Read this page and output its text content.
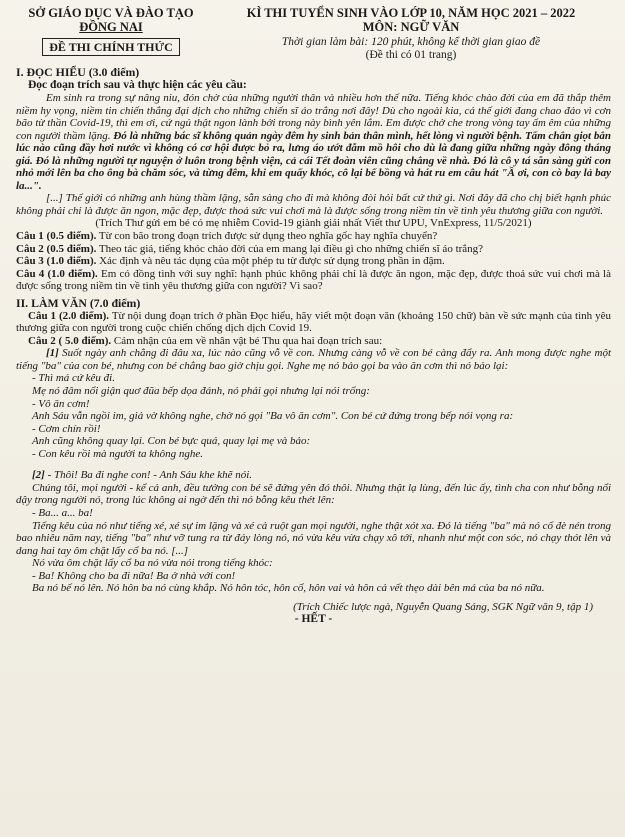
SỞ GIÁO DỤC VÀ ĐÀO TẠO
ĐỒNG NAI
ĐỀ THI CHÍNH THỨC
KÌ THI TUYỂN SINH VÀO LỚP 10, NĂM HỌC 2021 – 2022
MÔN: NGỮ VĂN
Thời gian làm bài: 120 phút, không kể thời gian giao đề
(Đề thi có 01 trang)
I. ĐỌC HIỂU (3.0 điểm)
Đọc đoạn trích sau và thực hiện các yêu cầu:

Em sinh ra trong sự nâng niu, đón chờ của những người thân và nhiều hơn thế nữa. Tiếng khóc chào đời của em đã thắp thêm niềm hy vọng, niềm tin chiến thắng đại dịch cho những chiến sĩ áo trắng nơi đây! Dù cho ngoài kia, cả thế giới đang chao đảo vì cơn bão từ thần Covid-19, thì em ơi, cứ ngủ thật ngon lành bởi trong này bình yên lắm. Em được chở che trong vòng tay ấm êm của những con người thầm lặng. Đó là những bác sĩ không quản ngày đêm hy sinh bản thân mình, hết lòng vì người bệnh. Tấm chắn giọt bắn lúc nào cũng đầy hơi nước vì không có cơ hội được bỏ ra, lưng áo ướt đẫm mồ hôi cho dù là đang giữa những ngày đông tháng giá. Đó là những người tự nguyện ở luôn trong bệnh viện, cả cái Tết đoàn viên cũng chẳng về nhà. Đó là cô y tá sẵn sàng gửi con nhỏ mới lên ba cho ông bà chăm sóc, và từng đêm, khi em quấy khóc, cô lại bế bồng và hát ru em câu hát "Ầ ơi, con cò bay lả bay la...".

[...] Thế giới có những anh hùng thầm lặng, sẵn sàng cho đi mà không đòi hỏi bất cứ thứ gì. Nơi đây đã cho chị biết hạnh phúc không phải chỉ là được ăn ngon, mặc đẹp, được thoả sức vui chơi mà là được sống trong niềm tin về tình yêu thương giữa con người.

(Trích Thư gửi em bé có mẹ nhiễm Covid-19 giành giải nhất Viết thư UPU, VnExpress, 11/5/2021)

Câu 1 (0.5 điểm). Từ con bão trong đoạn trích được sử dụng theo nghĩa gốc hay nghĩa chuyển?

Câu 2 (0.5 điểm). Theo tác giả, tiếng khóc chào đời của em mang lại điều gì cho những chiến sĩ áo trắng?

Câu 3 (1.0 điểm). Xác định và nêu tác dụng của một phép tu từ được sử dụng trong phần in đậm.

Câu 4 (1.0 điểm). Em có đồng tình với suy nghĩ: hạnh phúc không phải chỉ là được ăn ngon, mặc đẹp, được thoả sức vui chơi mà là được sống trong niềm tin về tình yêu thương giữa con người? Vì sao?

II. LÀM VĂN (7.0 điểm)

Câu 1 (2.0 điểm). Từ nội dung đoạn trích ở phần Đọc hiểu, hãy viết một đoạn văn (khoảng 150 chữ) bàn về sức mạnh của tình yêu thương giữa con người trong cuộc chiến chống dịch dịch Covid 19.

Câu 2 ( 5.0 điểm). Cảm nhận của em về nhân vật bé Thu qua hai đoạn trích sau:

[1] Suốt ngày anh chẳng đi đâu xa, lúc nào cũng vỗ về con. Nhưng càng vỗ về con bé càng đẩy ra. Anh mong được nghe một tiếng "ba" của con bé, nhưng con bé chẳng bao giờ chịu gọi. Nghe mẹ nó bảo gọi ba vào ăn cơm thì nó bảo lại:

- Thì má cứ kêu đi.

Mẹ nó đâm nổi giận quơ đũa bếp dọa đánh, nó phải gọi nhưng lại nói trổng:

- Vô ăn cơm!

Anh Sáu vẫn ngồi im, giả vờ không nghe, chờ nó gọi "Ba vô ăn cơm". Con bé cứ đứng trong bếp nói vọng ra:

- Cơm chín rồi!

Anh cũng không quay lại. Con bé bực quá, quay lại mẹ và bảo:

- Con kêu rồi mà người ta không nghe.

[2] - Thôi! Ba đi nghe con! - Anh Sáu khe khẽ nói.

Chúng tôi, mọi người - kể cả anh, đều tưởng con bé sẽ đứng yên đó thôi. Nhưng thật lạ lùng, đến lúc ấy, tình cha con như bỗng nổi dậy trong người nó, trong lúc không ai ngờ đến thì nó bỗng kêu thét lên:

- Ba... a... ba!

Tiếng kêu của nó như tiếng xé, xé sự im lặng và xé cả ruột gan mọi người, nghe thật xót xa. Đó là tiếng "ba" mà nó cố đè nén trong bao nhiêu năm nay, tiếng "ba" như vỡ tung ra từ đáy lòng nó, nó vừa kêu vừa chạy xô tới, nhanh như một con sóc, nó chạy thót lên và dang hai tay ôm chặt lấy cổ ba nó. [...]

Nó vừa ôm chặt lấy cổ ba nó vừa nói trong tiếng khóc:

- Ba! Không cho ba đi nữa! Ba ở nhà với con!

Ba nó bế nó lên. Nó hôn ba nó cùng khắp. Nó hôn tóc, hôn cổ, hôn vai và hôn cả vết thẹo dài bên má của ba nó nữa.

(Trích Chiếc lược ngà, Nguyễn Quang Sáng, SGK Ngữ văn 9, tập 1)
- HẾT -
